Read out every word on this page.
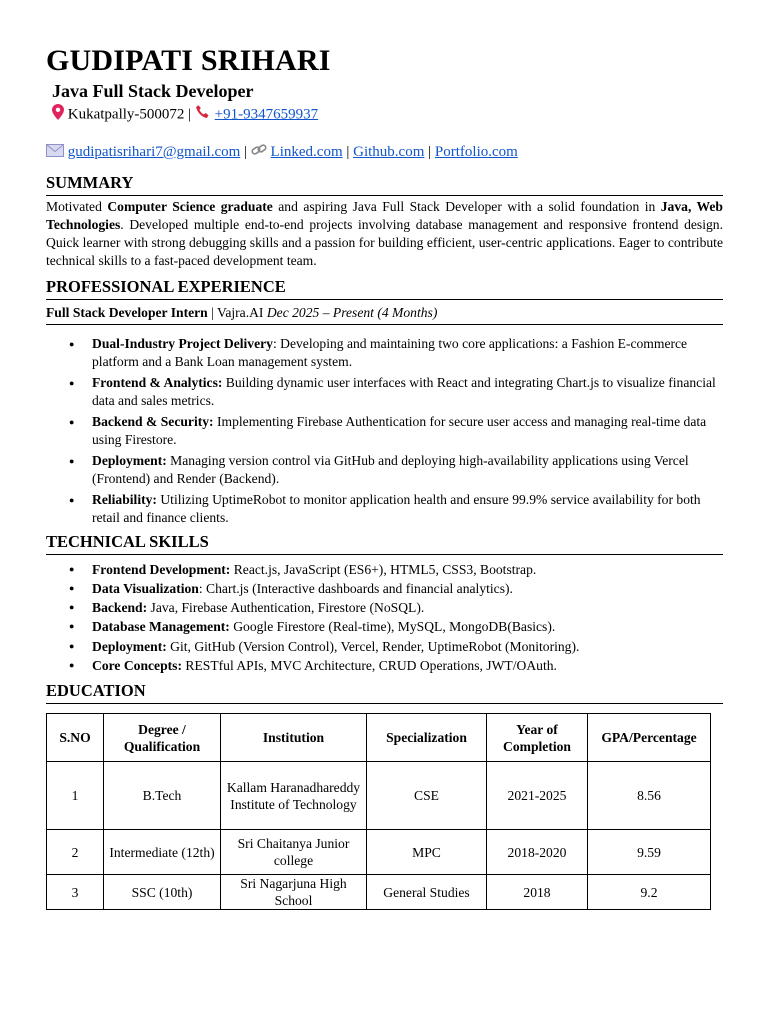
GUDIPATI SRIHARI
Java Full Stack Developer
Kukatpally-500072 | +91-9347659937
gudipatisrihari7@gmail.com | Linked.com | Github.com | Portfolio.com
SUMMARY
Motivated Computer Science graduate and aspiring Java Full Stack Developer with a solid foundation in Java, Web Technologies. Developed multiple end-to-end projects involving database management and responsive frontend design. Quick learner with strong debugging skills and a passion for building efficient, user-centric applications. Eager to contribute technical skills to a fast-paced development team.
PROFESSIONAL EXPERIENCE
Full Stack Developer Intern | Vajra.AI Dec 2025 – Present (4 Months)
● Dual-Industry Project Delivery: Developing and maintaining two core applications: a Fashion E-commerce platform and a Bank Loan management system.
● Frontend & Analytics: Building dynamic user interfaces with React and integrating Chart.js to visualize financial data and sales metrics.
● Backend & Security: Implementing Firebase Authentication for secure user access and managing real-time data using Firestore.
● Deployment: Managing version control via GitHub and deploying high-availability applications using Vercel (Frontend) and Render (Backend).
● Reliability: Utilizing UptimeRobot to monitor application health and ensure 99.9% service availability for both retail and finance clients.
TECHNICAL SKILLS
● Frontend Development: React.js, JavaScript (ES6+), HTML5, CSS3, Bootstrap.
● Data Visualization: Chart.js (Interactive dashboards and financial analytics).
● Backend: Java, Firebase Authentication, Firestore (NoSQL).
● Database Management: Google Firestore (Real-time), MySQL, MongoDB(Basics).
● Deployment: Git, GitHub (Version Control), Vercel, Render, UptimeRobot (Monitoring).
● Core Concepts: RESTful APIs, MVC Architecture, CRUD Operations, JWT/OAuth.
EDUCATION
S.NO	Degree / Qualification	Institution	Specialization	Year of Completion	GPA/Percentage
1	B.Tech	Kallam Haranadhareddy Institute of Technology	CSE	2021-2025	8.56
2	Intermediate (12th)	Sri Chaitanya Junior college	MPC	2018-2020	9.59
3	SSC (10th)	Sri Nagarjuna High School	General Studies	2018	9.2
